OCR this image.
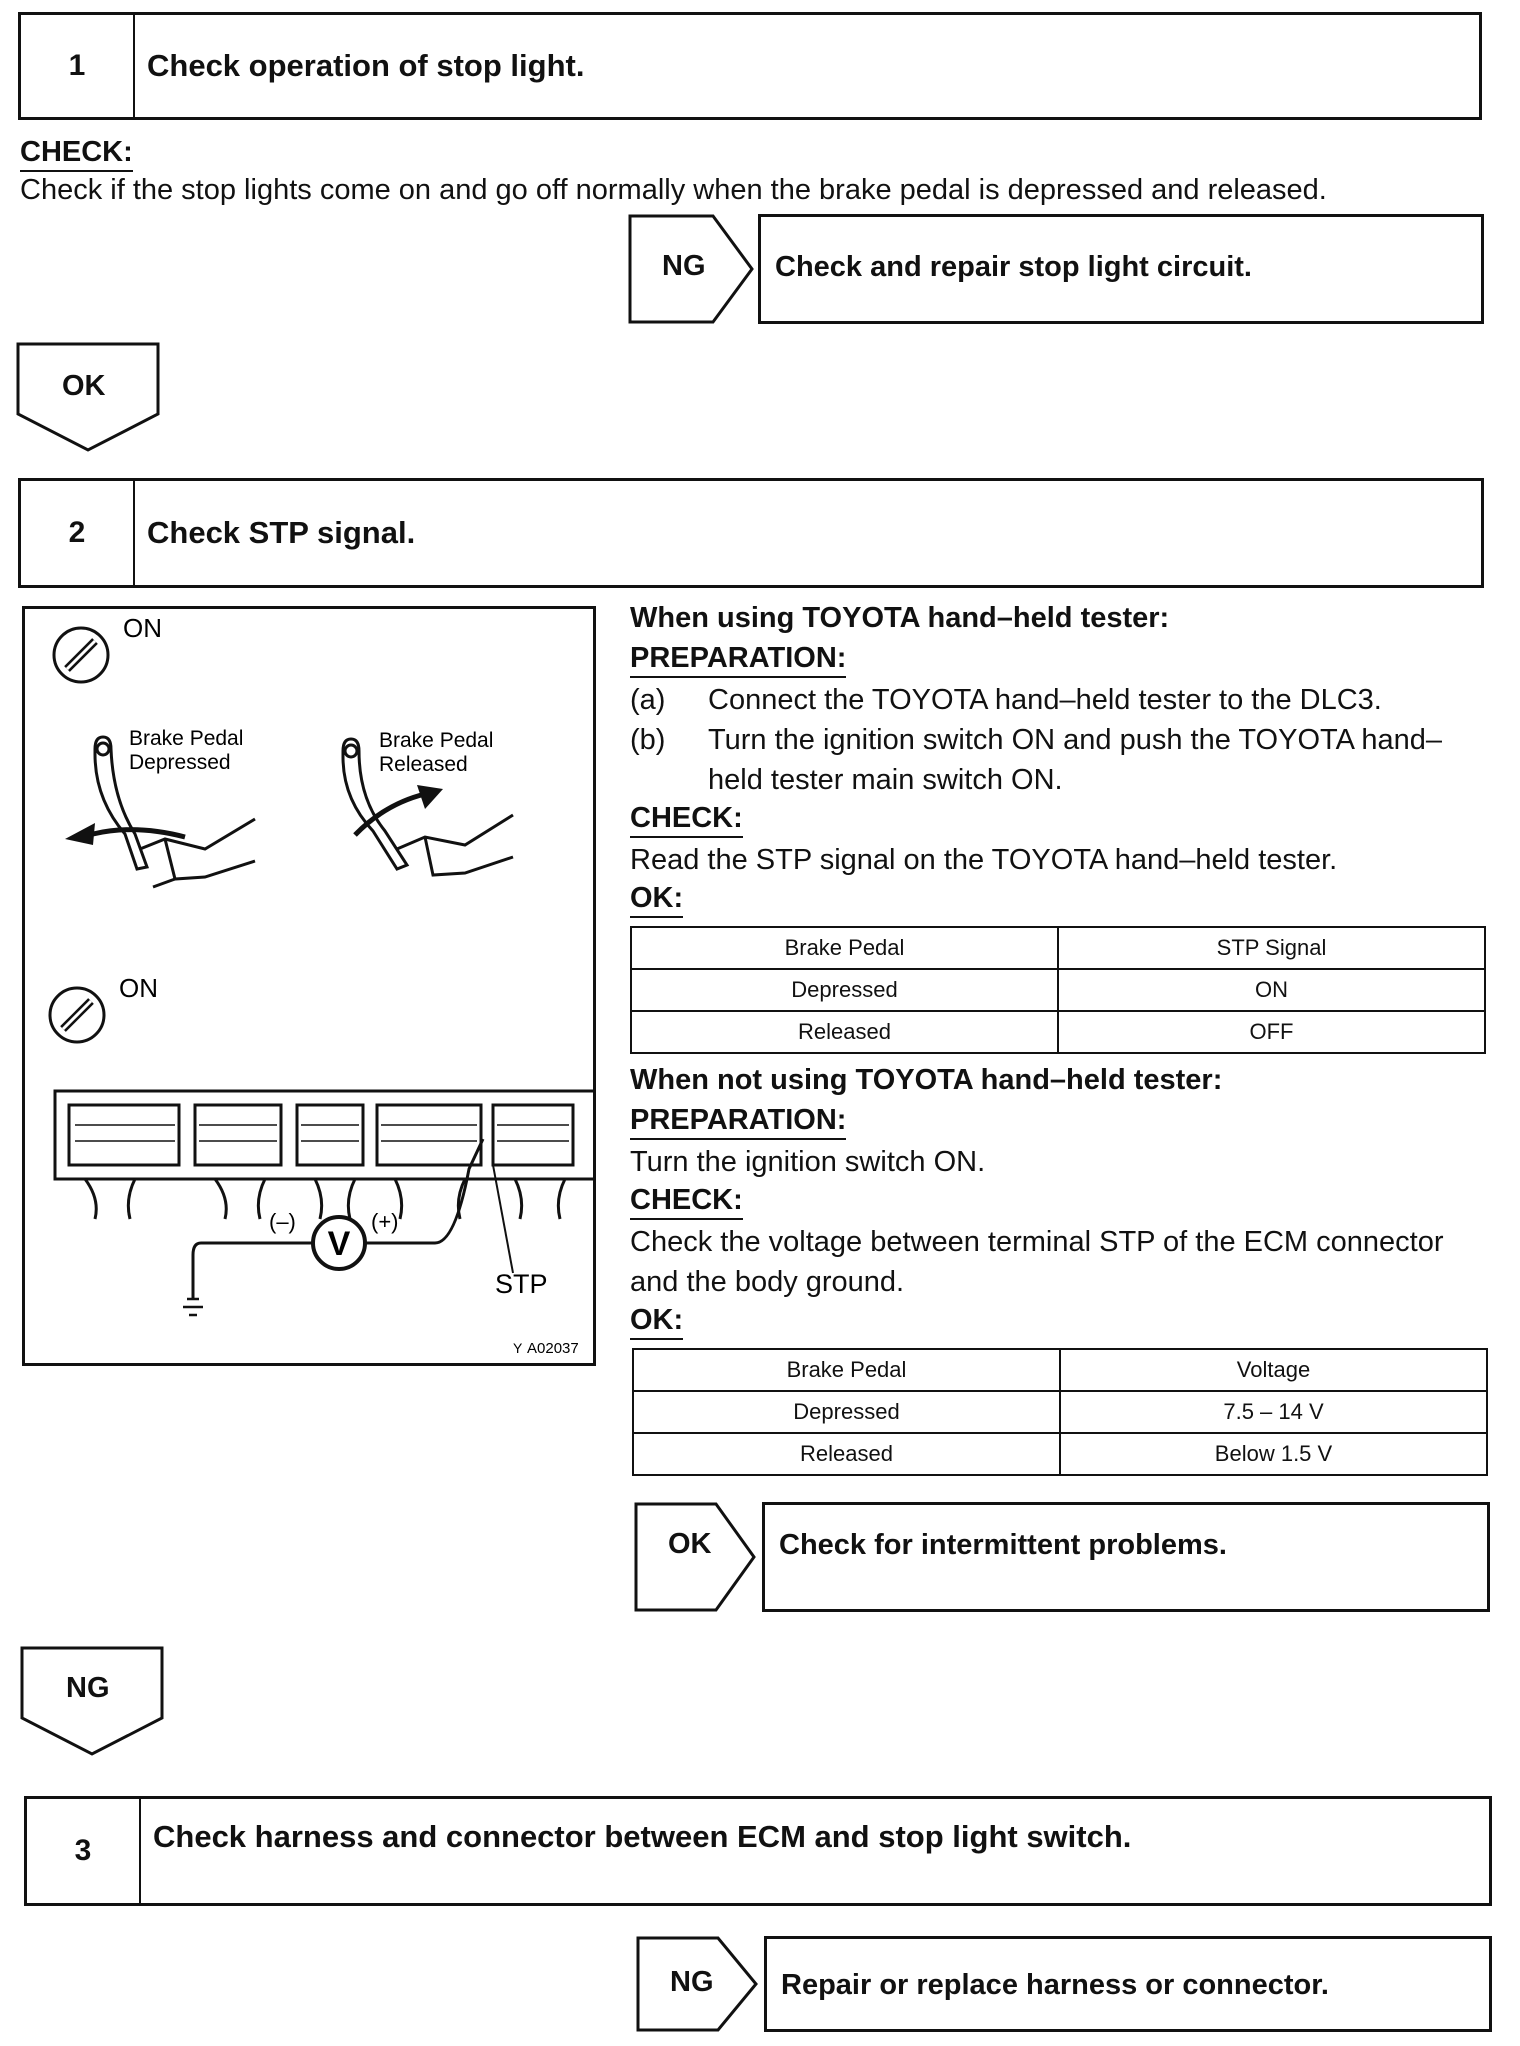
1	Check operation of stop light.
CHECK:
Check if the stop lights come on and go off normally when the brake pedal is depressed and released.
NG	Check and repair stop light circuit.
OK
2	Check STP signal.
ON
Brake Pedal
Depressed
Brake Pedal
Released
ON
V
(–)	(+)
STP
Y A02037
When using TOYOTA hand–held tester:
PREPARATION:
(a) Connect the TOYOTA hand–held tester to the DLC3.
(b) Turn the ignition switch ON and push the TOYOTA hand–
held tester main switch ON.
CHECK:
Read the STP signal on the TOYOTA hand–held tester.
OK:
Brake Pedal	STP Signal
Depressed	ON
Released	OFF
When not using TOYOTA hand–held tester:
PREPARATION:
Turn the ignition switch ON.
CHECK:
Check the voltage between terminal STP of the ECM connector
and the body ground.
OK:
Brake Pedal	Voltage
Depressed	7.5 – 14 V
Released	Below 1.5 V
OK	Check for intermittent problems.
NG
3	Check harness and connector between ECM and stop light switch.
NG	Repair or replace harness or connector.
